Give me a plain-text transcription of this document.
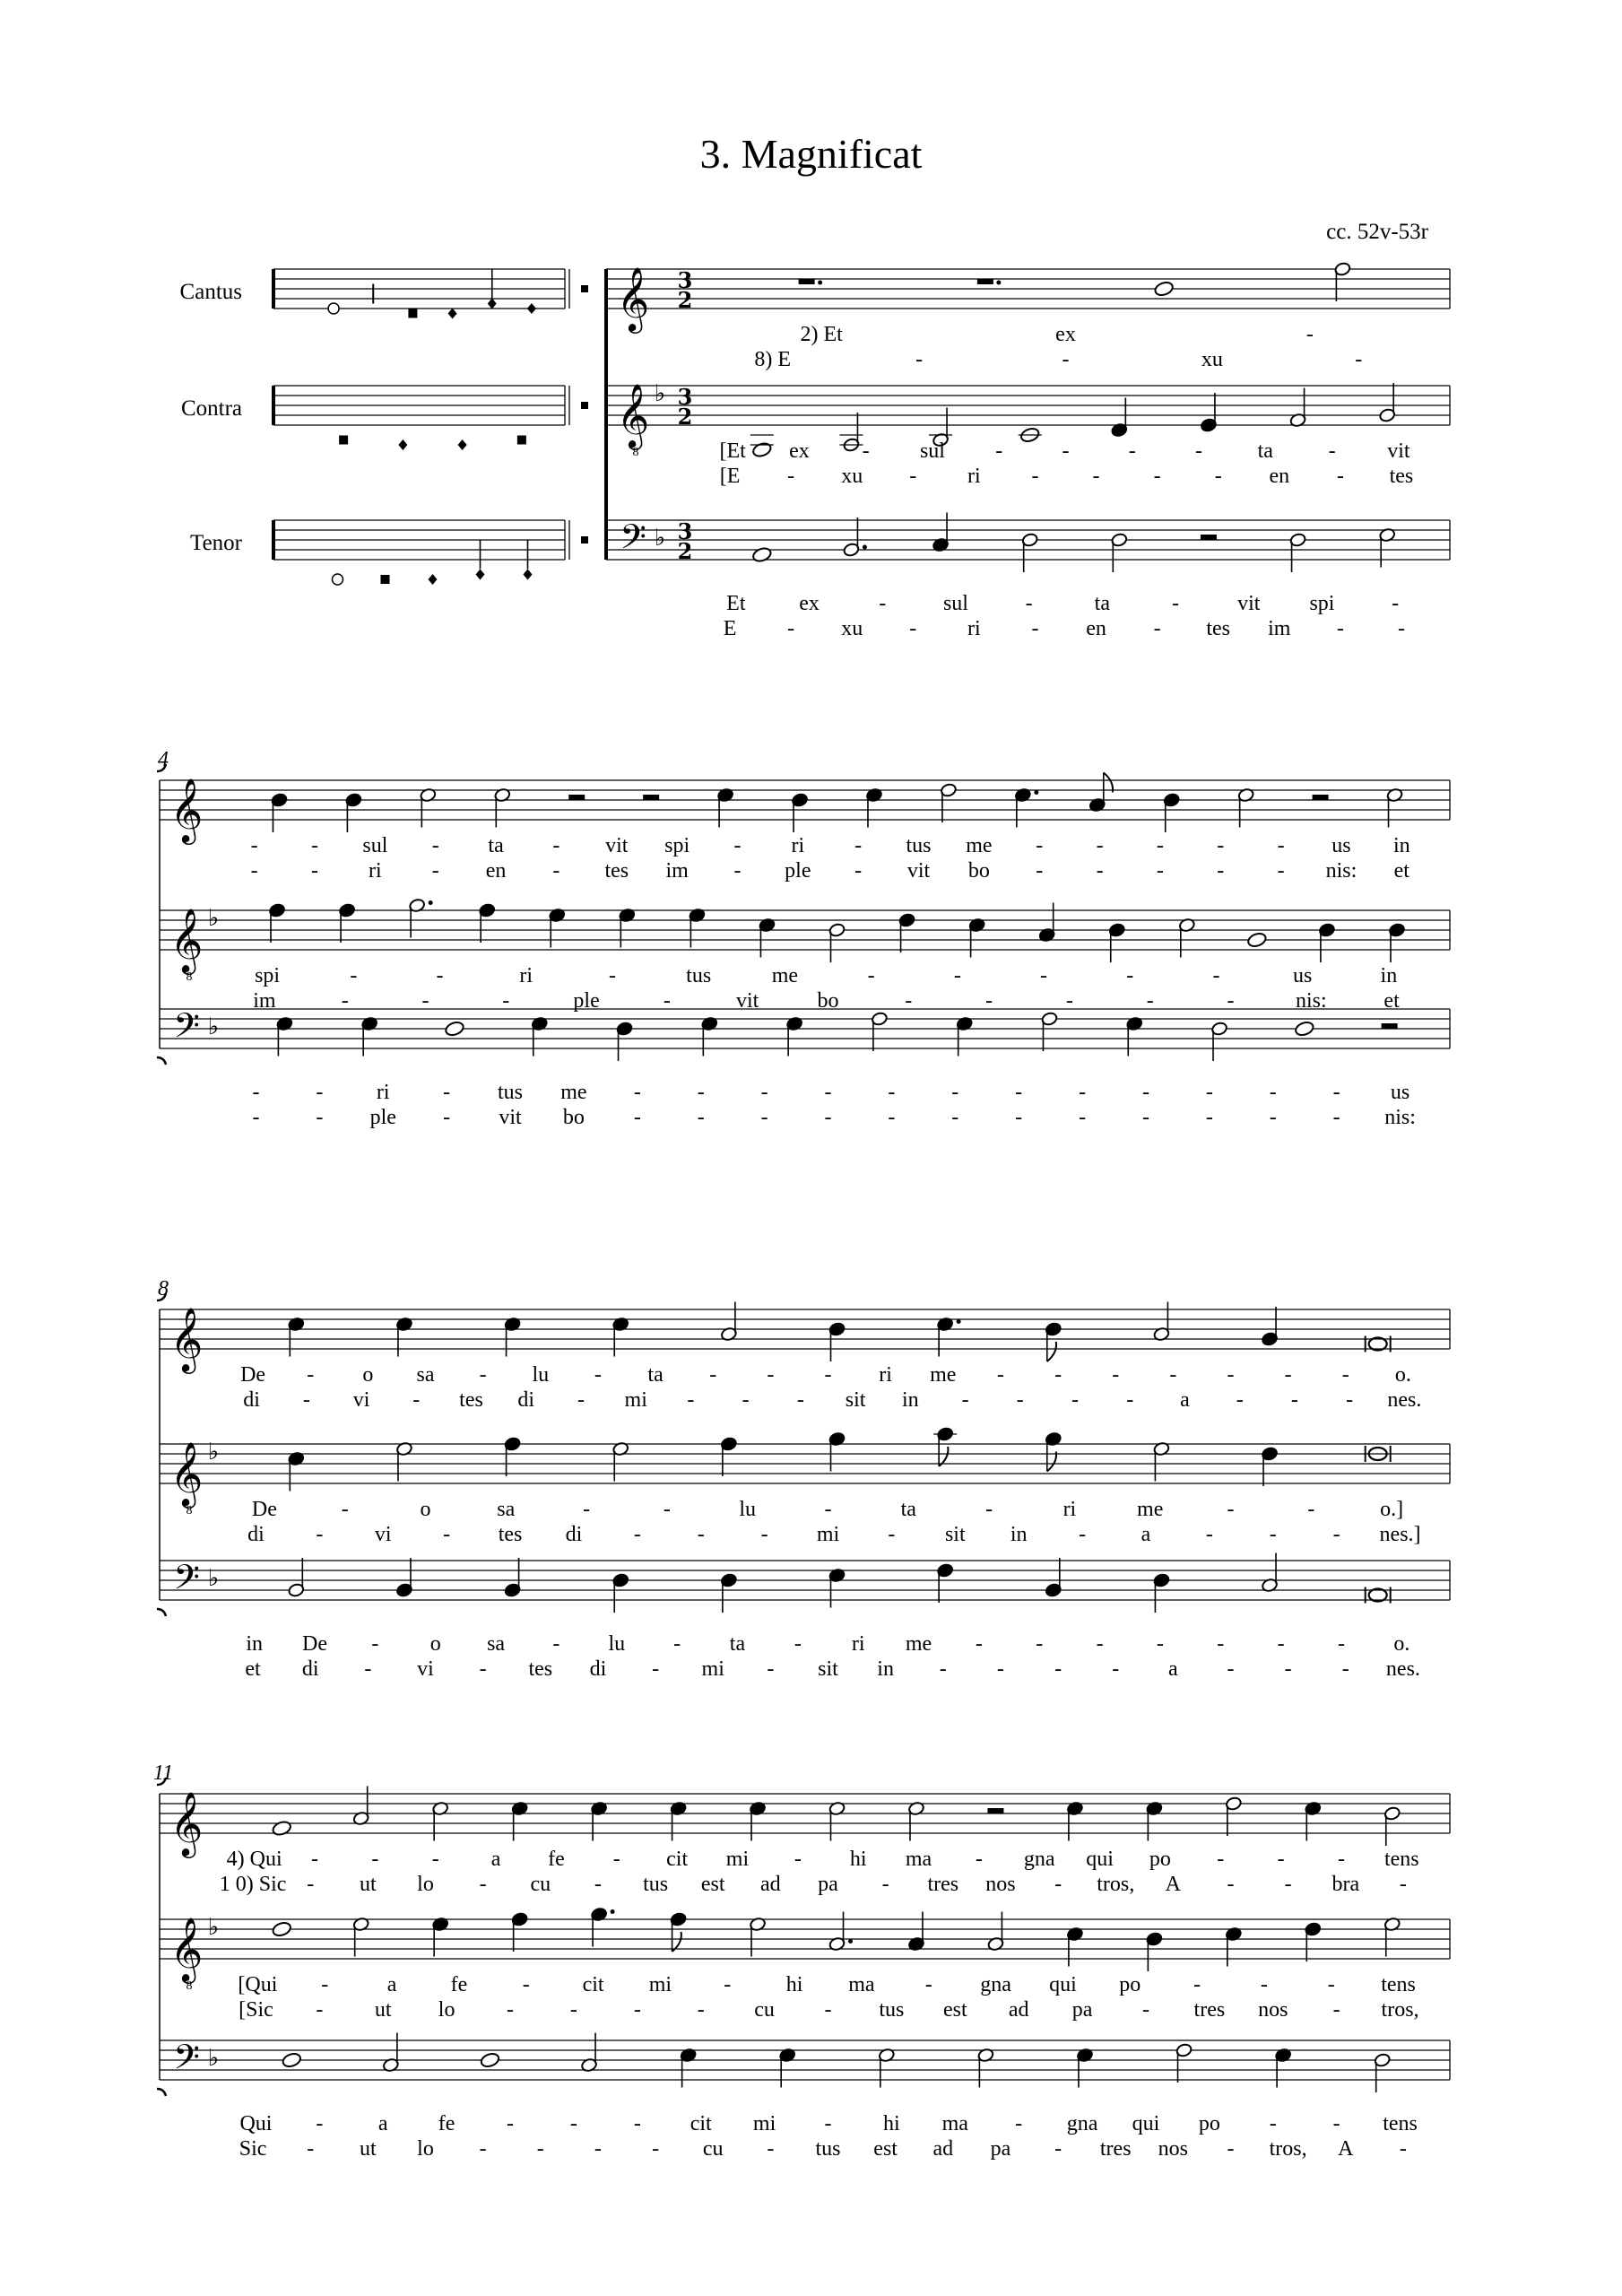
3. Magnificat
cc. 52v-53r
Cantus
Contra
Tenor
𝄞 3
2
2) Et	ex	-
8) E	-	-	xu	-
𝄞
8
♭ 3
2
[Et ex - sul -	-	-	-	ta	- vit
[E - xu - ri -	-	-	- en - tes
𝄢 ♭ 3
2
Et ex	-	sul	-	ta	-	vit spi	-
E - xu - ri - en - tes im -	-
𝄞
- - sul - ta - vit spi - ri - tus me - - - - - us in
- - ri - en - tes im - ple - vit bo - - - - - nis: et
𝄞
8
♭
spi	-	-	ri	-	tus	me	-	-	-	-	-	us	in
im	-	-	-	ple	-	vit	bo	-	-	-	-	-	nis:	et
𝄢 ♭
-	- ri - tus me -	-	-	-	-	-	-	-	-	-	-	- us
-	- ple - vit bo -	-	-	-	-	-	-	-	-	-	-	- nis:
4
𝄞
De - o sa - lu - ta - - - ri me - - - - - - - o.
di - vi - tes di - mi - - - sit in - - - - a - - - nes.
𝄞
8
♭
De	-	o	sa	-	-	lu	-	ta	-	ri	me	-	-	o.]
di - vi - tes di -	-	- mi - sit in -	a	-	-	- nes.]
𝄢 ♭
in De - o sa - lu - ta - ri me - - - - - - - o.
et di - vi - tes di - mi - sit in - - - - a - - - nes.
8
𝄞
4) Qui - - - a fe - cit mi - hi ma - gna qui po - - - tens
1 0) Sic - ut lo - cu - tus est ad pa - tres nos - tros, A - - bra -
𝄞
8
♭
[Qui -	a	fe	- cit mi -	hi ma - gna qui po -	-	- tens
[Sic - ut lo -	-	-	- cu - tus est ad pa - tres nos - tros,
𝄢 ♭
Qui -	a fe -	-	- cit mi - hi ma - gna qui po -	- tens
Sic - ut lo - - - - cu - tus est ad pa - tres nos - tros, A -
11
